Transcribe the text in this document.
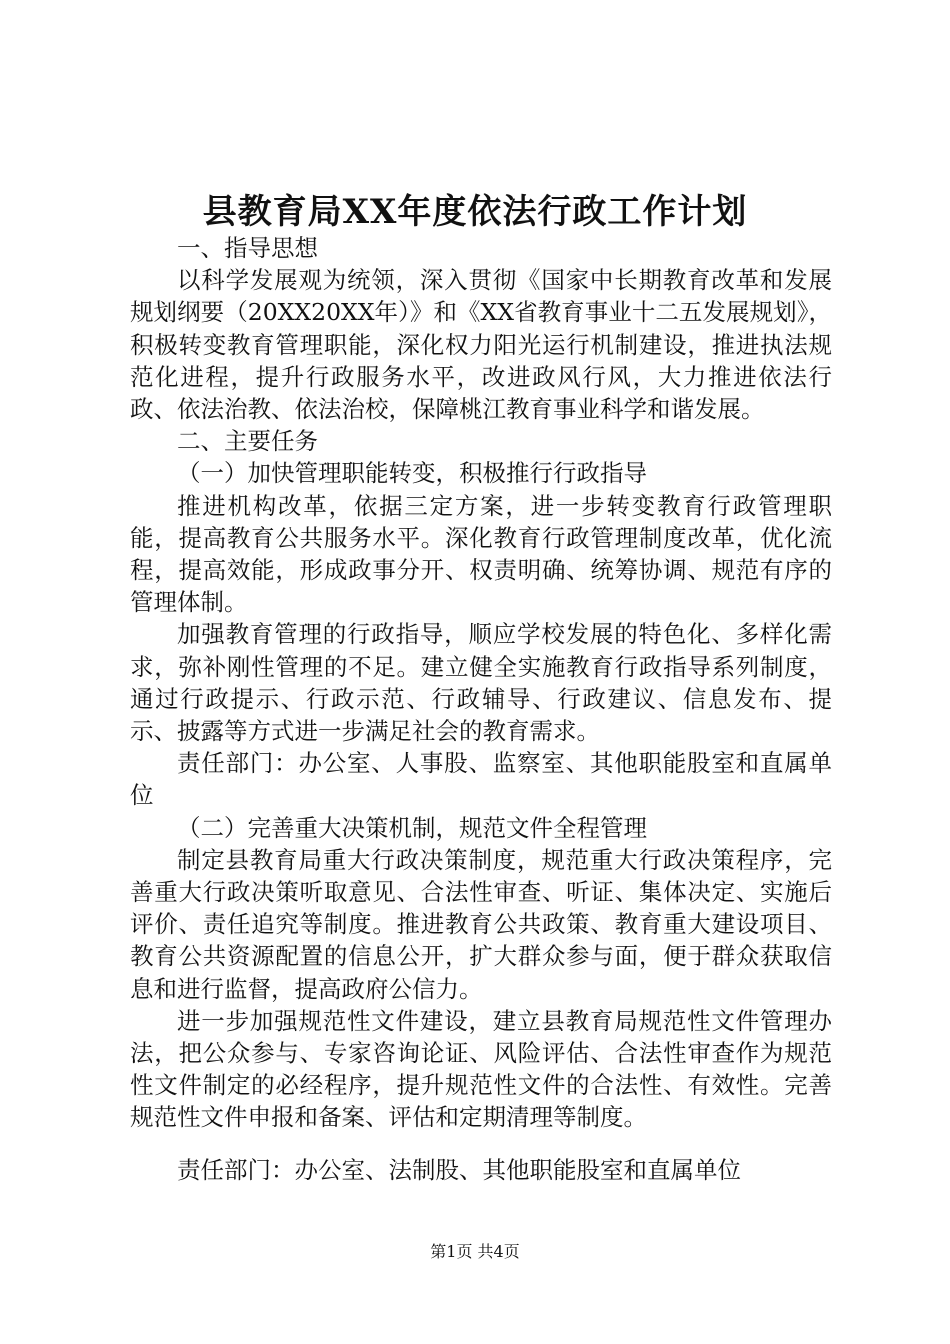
县教育局XX年度依法行政工作计划

一、指导思想

以科学发展观为统领，深入贯彻《国家中长期教育改革和发展规划纲要（20XX20XX年）》和《XX省教育事业十二五发展规划》，积极转变教育管理职能，深化权力阳光运行机制建设，推进执法规范化进程，提升行政服务水平，改进政风行风，大力推进依法行政、依法治教、依法治校，保障桃江教育事业科学和谐发展。

二、主要任务

（一）加快管理职能转变，积极推行行政指导

推进机构改革，依据三定方案，进一步转变教育行政管理职能，提高教育公共服务水平。深化教育行政管理制度改革，优化流程，提高效能，形成政事分开、权责明确、统筹协调、规范有序的管理体制。

加强教育管理的行政指导，顺应学校发展的特色化、多样化需求，弥补刚性管理的不足。建立健全实施教育行政指导系列制度，通过行政提示、行政示范、行政辅导、行政建议、信息发布、提示、披露等方式进一步满足社会的教育需求。

责任部门：办公室、人事股、监察室、其他职能股室和直属单位

（二）完善重大决策机制，规范文件全程管理

制定县教育局重大行政决策制度，规范重大行政决策程序，完善重大行政决策听取意见、合法性审查、听证、集体决定、实施后评价、责任追究等制度。推进教育公共政策、教育重大建设项目、教育公共资源配置的信息公开，扩大群众参与面，便于群众获取信息和进行监督，提高政府公信力。

进一步加强规范性文件建设，建立县教育局规范性文件管理办法，把公众参与、专家咨询论证、风险评估、合法性审查作为规范性文件制定的必经程序，提升规范性文件的合法性、有效性。完善规范性文件申报和备案、评估和定期清理等制度。

责任部门：办公室、法制股、其他职能股室和直属单位

第1页 共4页
